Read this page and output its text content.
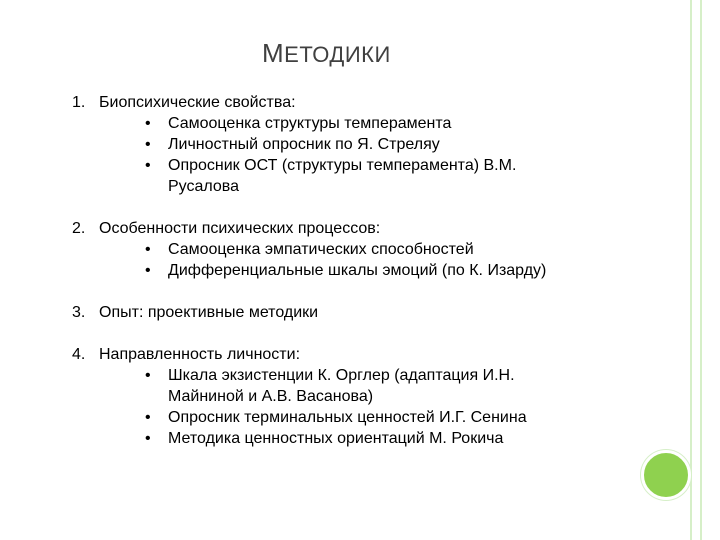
МЕТОДИКИ
1. Биопсихические свойства:
• Самооценка структуры темперамента
• Личностный опросник по Я. Стреляу
• Опросник ОСТ (структуры темперамента) В.М. Русалова
2. Особенности психических процессов:
• Самооценка эмпатических способностей
• Дифференциальные шкалы эмоций (по К. Изарду)
3. Опыт: проективные методики
4. Направленность личности:
• Шкала экзистенции К. Орглер (адаптация И.Н. Майниной и А.В. Васанова)
• Опросник терминальных ценностей И.Г. Сенина
• Методика ценностных ориентаций М. Рокича
